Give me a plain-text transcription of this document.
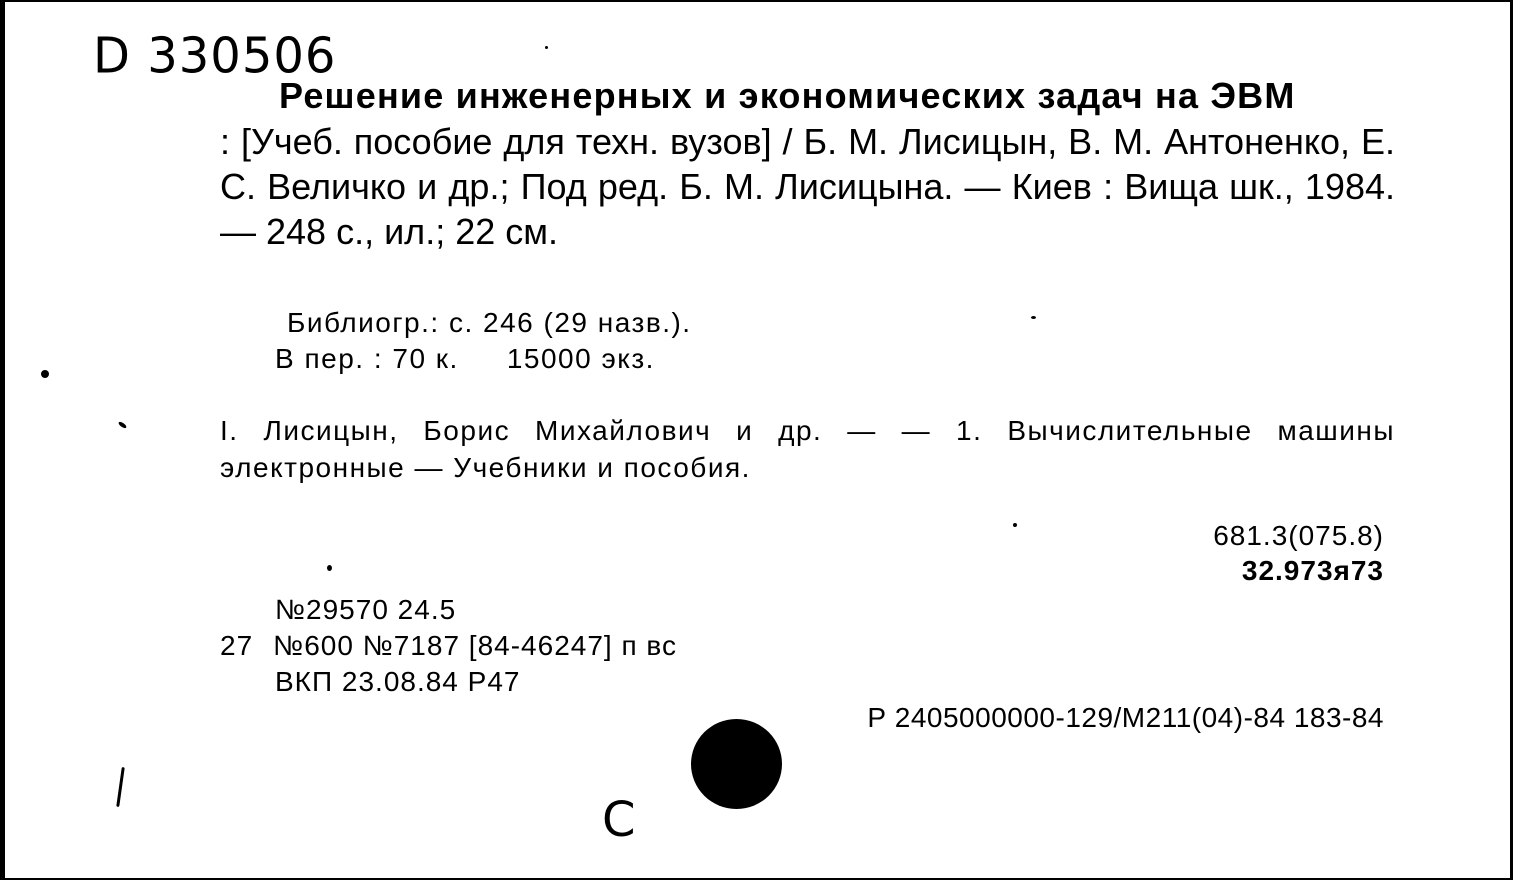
D 330506
Решение инженерных и экономических задач на ЭВМ
: [Учеб. пособие для техн. вузов] / Б. М. Лисицын, В. М. Антоненко, Е. С. Величко и др.; Под ред. Б. М. Лисицына. — Киев : Вища шк., 1984. — 248 с., ил.; 22 см.
Библиогр.: с. 246 (29 назв.).
В пер. : 70 к. 15000 экз.
I. Лисицын, Борис Михайлович и др. — — 1. Вычислительные машины электронные — Учебники и пособия.
681.3(075.8)
32.973я73
№29570 24.5
27 №600 №7187 [84-46247] п вс
ВКП 23.08.84 Р47
Р 2405000000-129/М211(04)-84 183-84
С
